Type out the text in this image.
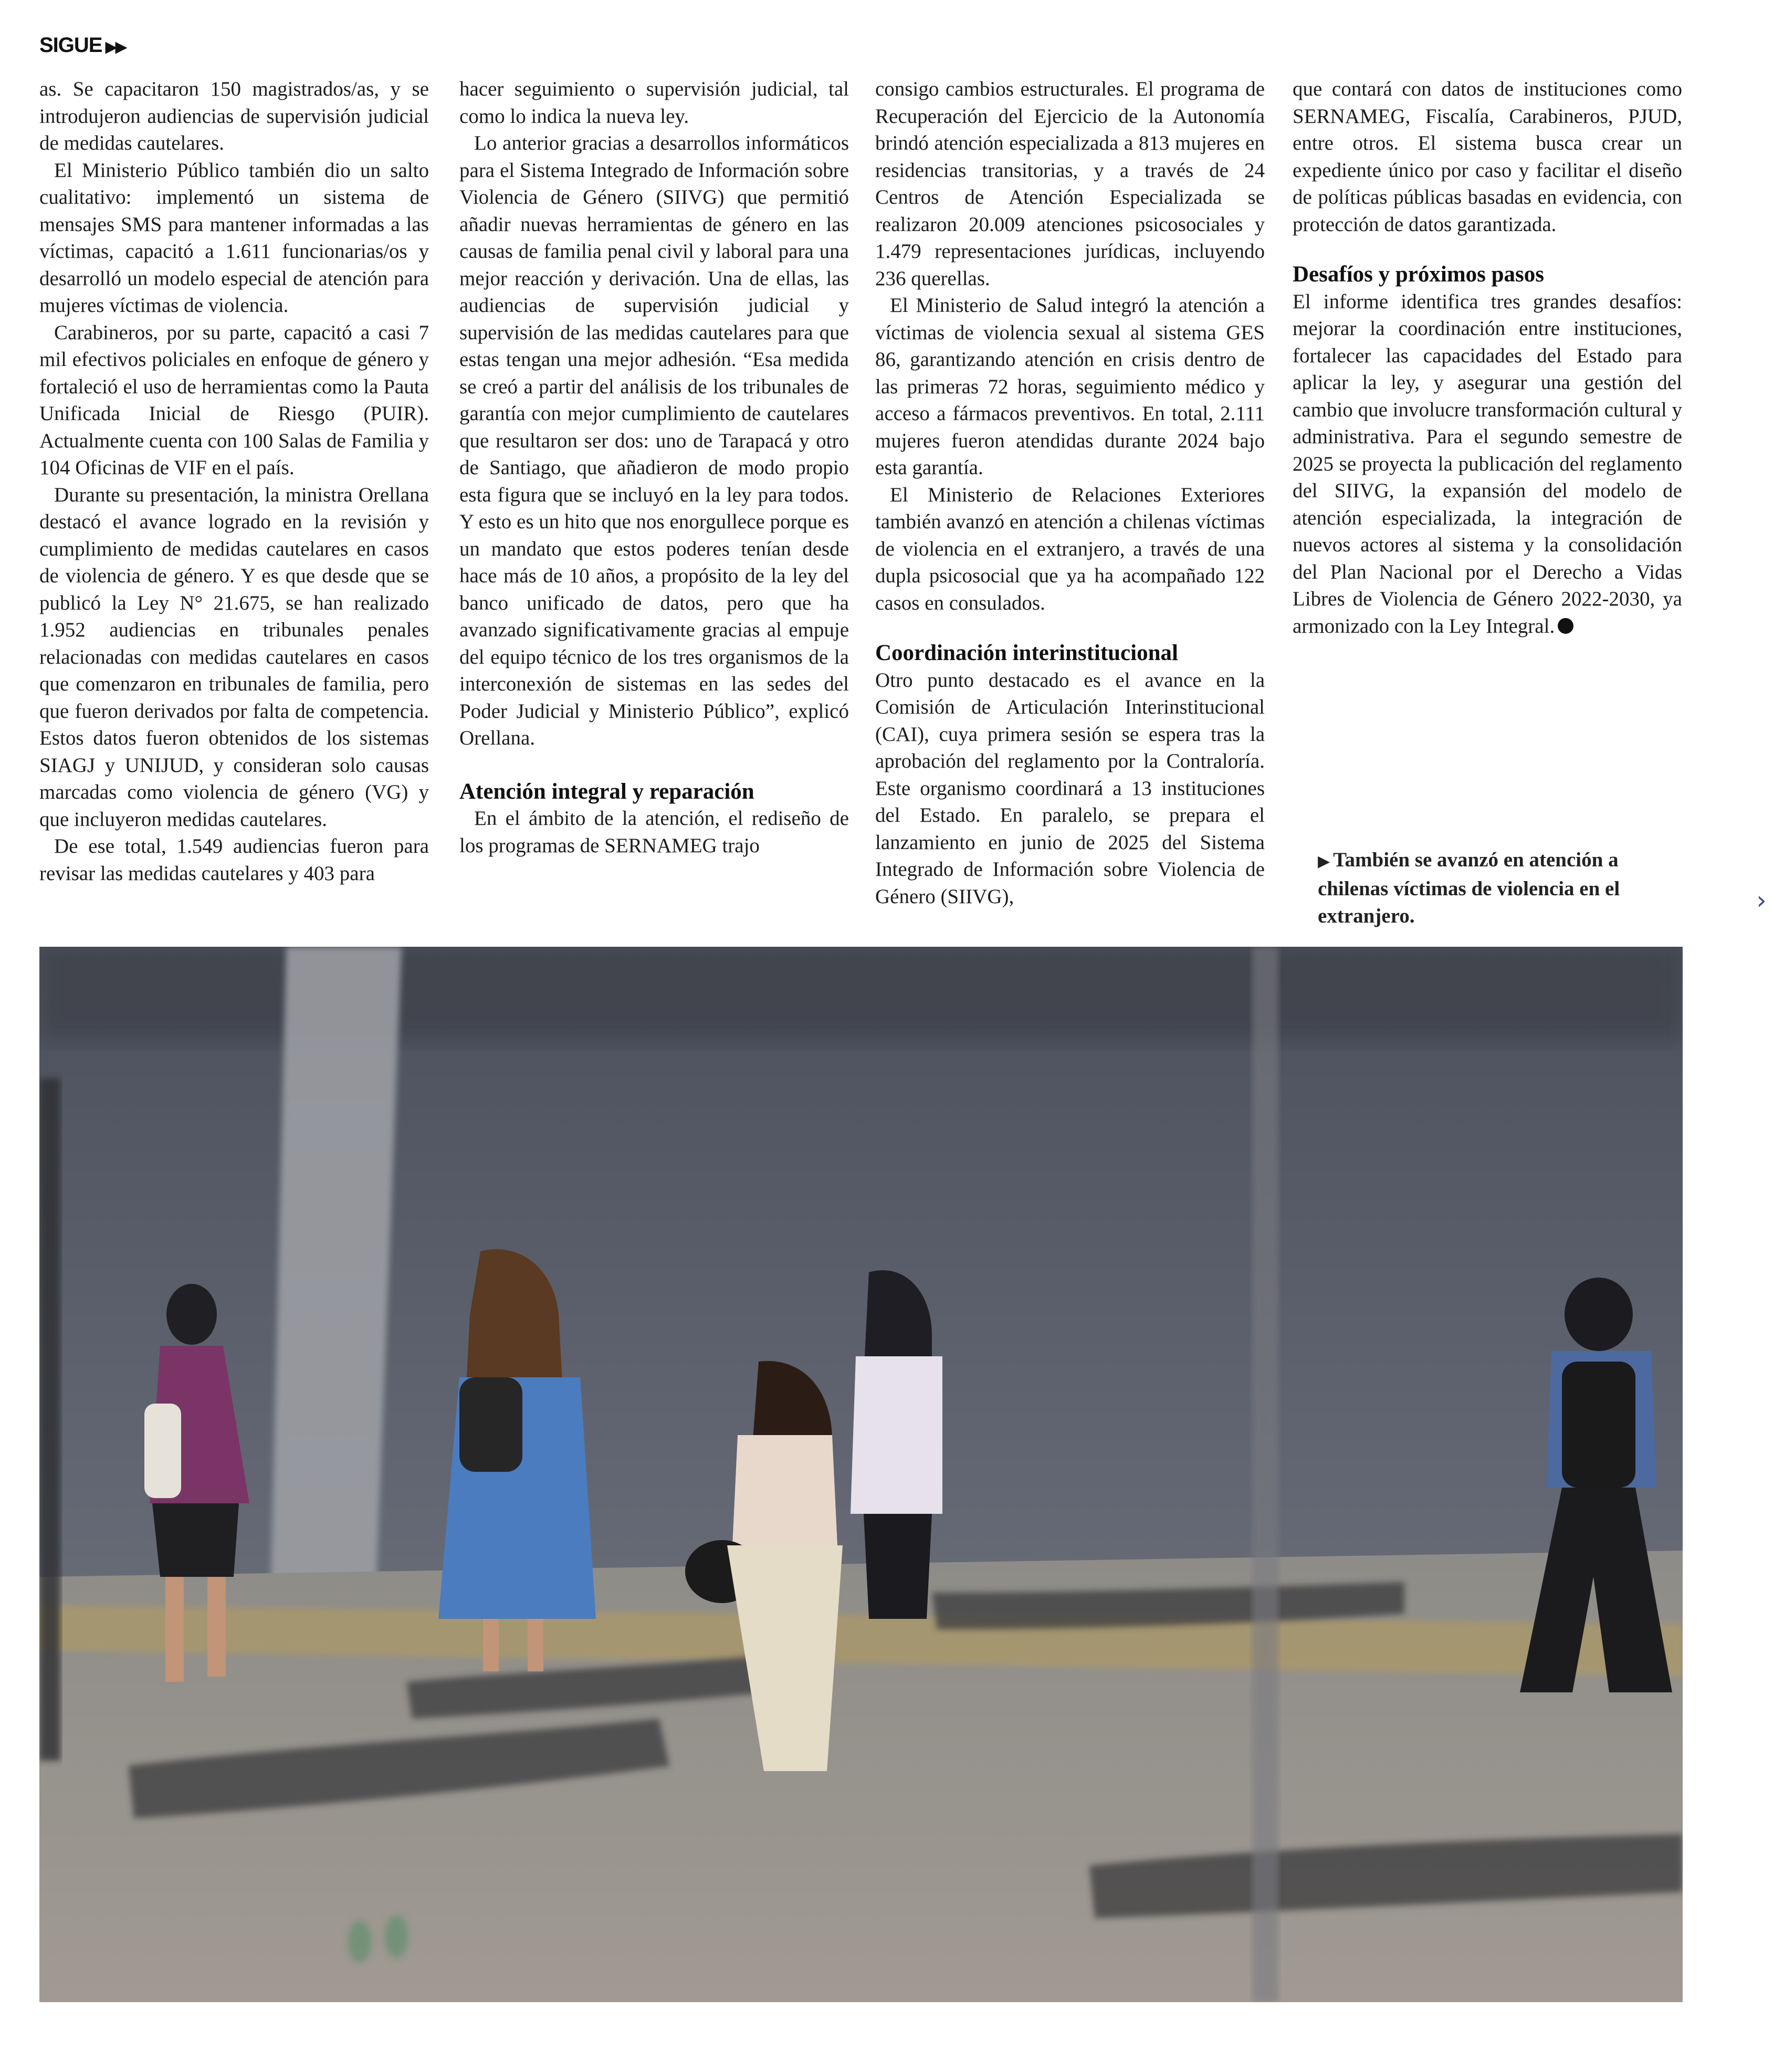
SIGUE ▶▶

as. Se capacitaron 150 magistrados/as, y se introdujeron audiencias de supervisión judicial de medidas cautelares.

El Ministerio Público también dio un salto cualitativo: implementó un sistema de mensajes SMS para mantener informadas a las víctimas, capacitó a 1.611 funcionarias/os y desarrolló un modelo especial de atención para mujeres víctimas de violencia.

Carabineros, por su parte, capacitó a casi 7 mil efectivos policiales en enfoque de género y fortaleció el uso de herramientas como la Pauta Unificada Inicial de Riesgo (PUIR). Actualmente cuenta con 100 Salas de Familia y 104 Oficinas de VIF en el país.

Durante su presentación, la ministra Orellana destacó el avance logrado en la revisión y cumplimiento de medidas cautelares en casos de violencia de género. Y es que desde que se publicó la Ley N° 21.675, se han realizado 1.952 audiencias en tribunales penales relacionadas con medidas cautelares en casos que comenzaron en tribunales de familia, pero que fueron derivados por falta de competencia. Estos datos fueron obtenidos de los sistemas SIAGJ y UNIJUD, y consideran solo causas marcadas como violencia de género (VG) y que incluyeron medidas cautelares.

De ese total, 1.549 audiencias fueron para revisar las medidas cautelares y 403 para

hacer seguimiento o supervisión judicial, tal como lo indica la nueva ley.

Lo anterior gracias a desarrollos informáticos para el Sistema Integrado de Información sobre Violencia de Género (SIIVG) que permitió añadir nuevas herramientas de género en las causas de familia penal civil y laboral para una mejor reacción y derivación. Una de ellas, las audiencias de supervisión judicial y supervisión de las medidas cautelares para que estas tengan una mejor adhesión. “Esa medida se creó a partir del análisis de los tribunales de garantía con mejor cumplimiento de cautelares que resultaron ser dos: uno de Tarapacá y otro de Santiago, que añadieron de modo propio esta figura que se incluyó en la ley para todos. Y esto es un hito que nos enorgullece porque es un mandato que estos poderes tenían desde hace más de 10 años, a propósito de la ley del banco unificado de datos, pero que ha avanzado significativamente gracias al empuje del equipo técnico de los tres organismos de la interconexión de sistemas en las sedes del Poder Judicial y Ministerio Público”, explicó Orellana.

Atención integral y reparación

En el ámbito de la atención, el rediseño de los programas de SERNAMEG trajo

consigo cambios estructurales. El programa de Recuperación del Ejercicio de la Autonomía brindó atención especializada a 813 mujeres en residencias transitorias, y a través de 24 Centros de Atención Especializada se realizaron 20.009 atenciones psicosociales y 1.479 representaciones jurídicas, incluyendo 236 querellas.

El Ministerio de Salud integró la atención a víctimas de violencia sexual al sistema GES 86, garantizando atención en crisis dentro de las primeras 72 horas, seguimiento médico y acceso a fármacos preventivos. En total, 2.111 mujeres fueron atendidas durante 2024 bajo esta garantía.

El Ministerio de Relaciones Exteriores también avanzó en atención a chilenas víctimas de violencia en el extranjero, a través de una dupla psicosocial que ya ha acompañado 122 casos en consulados.

Coordinación interinstitucional

Otro punto destacado es el avance en la Comisión de Articulación Interinstitucional (CAI), cuya primera sesión se espera tras la aprobación del reglamento por la Contraloría. Este organismo coordinará a 13 instituciones del Estado. En paralelo, se prepara el lanzamiento en junio de 2025 del Sistema Integrado de Información sobre Violencia de Género (SIIVG),

que contará con datos de instituciones como SERNAMEG, Fiscalía, Carabineros, PJUD, entre otros. El sistema busca crear un expediente único por caso y facilitar el diseño de políticas públicas basadas en evidencia, con protección de datos garantizada.

Desafíos y próximos pasos

El informe identifica tres grandes desafíos: mejorar la coordinación entre instituciones, fortalecer las capacidades del Estado para aplicar la ley, y asegurar una gestión del cambio que involucre transformación cultural y administrativa. Para el segundo semestre de 2025 se proyecta la publicación del reglamento del SIIVG, la expansión del modelo de atención especializada, la integración de nuevos actores al sistema y la consolidación del Plan Nacional por el Derecho a Vidas Libres de Violencia de Género 2022-2030, ya armonizado con la Ley Integral.

▶ También se avanzó en atención a chilenas víctimas de violencia en el extranjero.
›
